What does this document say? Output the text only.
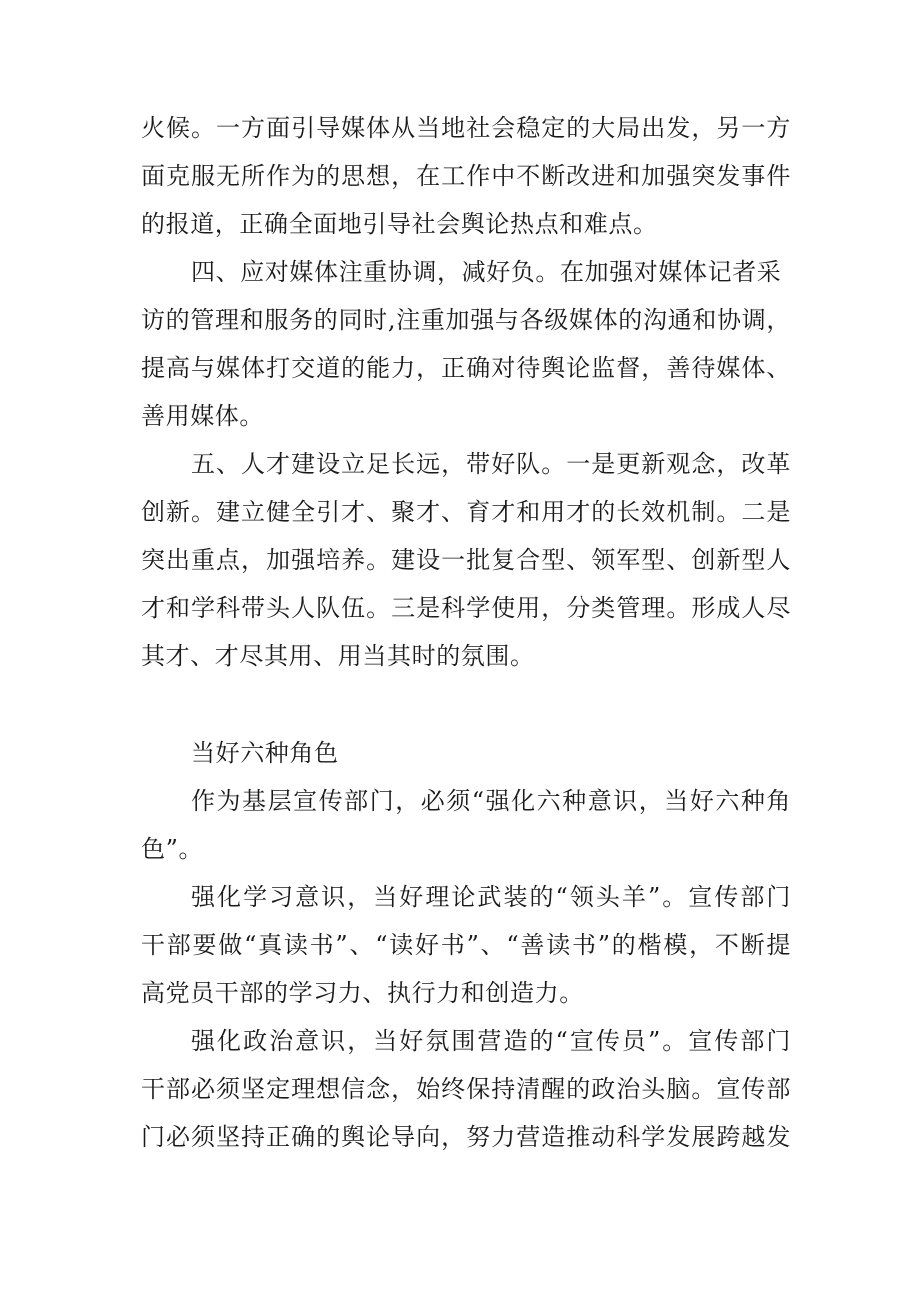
火候。一方面引导媒体从当地社会稳定的大局出发，另一方
面克服无所作为的思想，在工作中不断改进和加强突发事件
的报道，正确全面地引导社会舆论热点和难点。
四、应对媒体注重协调，减好负。在加强对媒体记者采
访的管理和服务的同时,注重加强与各级媒体的沟通和协调，
提高与媒体打交道的能力，正确对待舆论监督，善待媒体、
善用媒体。
五、人才建设立足长远，带好队。一是更新观念，改革
创新。建立健全引才、聚才、育才和用才的长效机制。二是
突出重点，加强培养。建设一批复合型、领军型、创新型人
才和学科带头人队伍。三是科学使用，分类管理。形成人尽
其才、才尽其用、用当其时的氛围。
当好六种角色
作为基层宣传部门，必须“强化六种意识，当好六种角
色”。
强化学习意识，当好理论武装的“领头羊”。宣传部门
干部要做“真读书”、“读好书”、“善读书”的楷模，不断提
高党员干部的学习力、执行力和创造力。
强化政治意识，当好氛围营造的“宣传员”。宣传部门
干部必须坚定理想信念，始终保持清醒的政治头脑。宣传部
门必须坚持正确的舆论导向，努力营造推动科学发展跨越发
